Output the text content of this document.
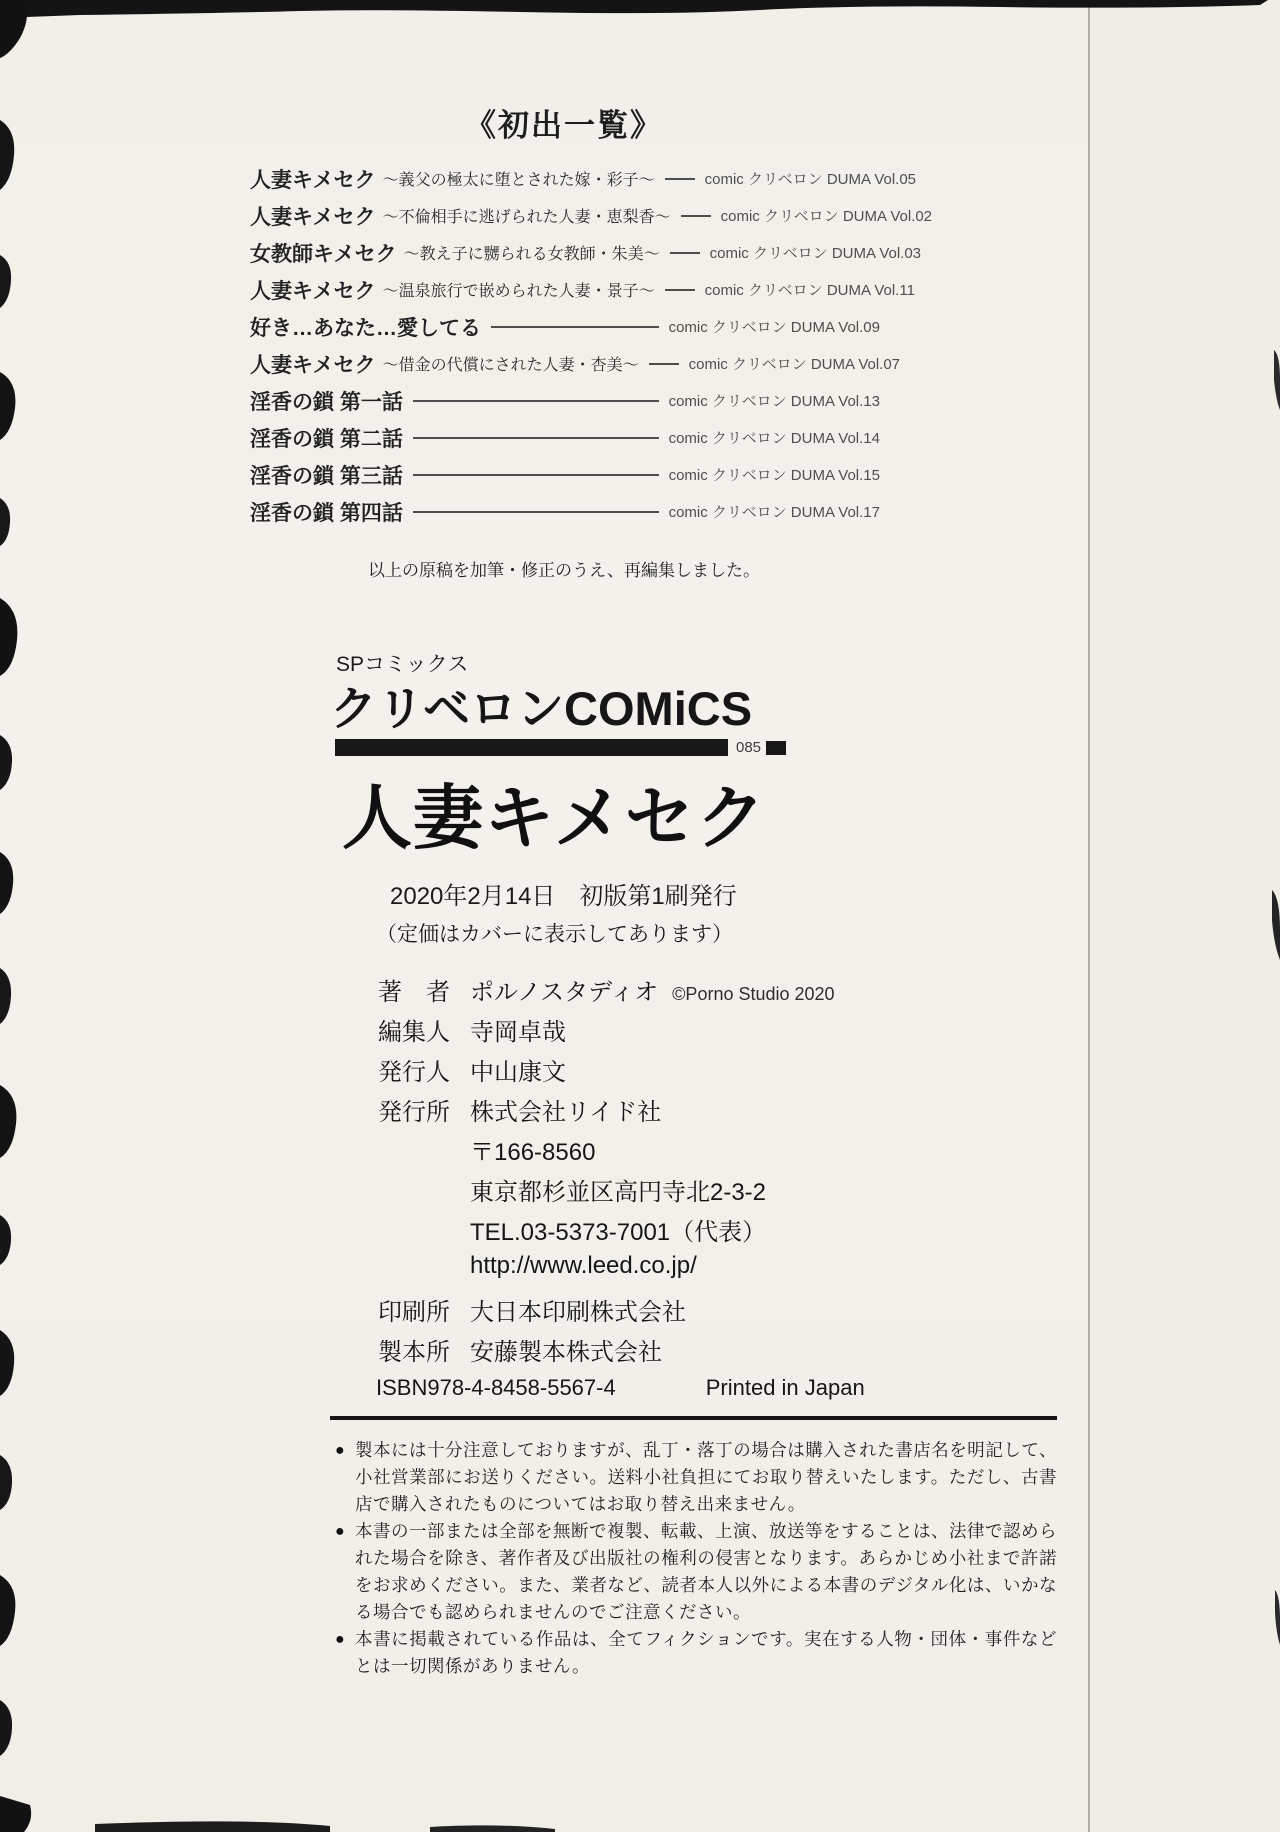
《初出一覧》
人妻キメセク ～義父の極太に堕とされた嫁・彩子～	comic クリベロン DUMA Vol.05
人妻キメセク ～不倫相手に逃げられた人妻・恵梨香～	comic クリベロン DUMA Vol.02
女教師キメセク ～教え子に嬲られる女教師・朱美～	comic クリベロン DUMA Vol.03
人妻キメセク ～温泉旅行で嵌められた人妻・景子～	comic クリベロン DUMA Vol.11
好き…あなた…愛してる	comic クリベロン DUMA Vol.09
人妻キメセク ～借金の代償にされた人妻・杏美～	comic クリベロン DUMA Vol.07
淫香の鎖 第一話	comic クリベロン DUMA Vol.13
淫香の鎖 第二話	comic クリベロン DUMA Vol.14
淫香の鎖 第三話	comic クリベロン DUMA Vol.15
淫香の鎖 第四話	comic クリベロン DUMA Vol.17
以上の原稿を加筆・修正のうえ、再編集しました。
SPコミックス
クリベロンCOMiCS
085
人妻キメセク
2020年2月14日　初版第1刷発行
（定価はカバーに表示してあります）
著　者 ポルノスタディオ ©Porno Studio 2020
編集人 寺岡卓哉
発行人 中山康文
発行所 株式会社リイド社
〒166-8560
東京都杉並区高円寺北2-3-2
TEL.03-5373-7001（代表）
http://www.leed.co.jp/
印刷所 大日本印刷株式会社
製本所 安藤製本株式会社
ISBN978-4-8458-5567-4	Printed in Japan
● 製本には十分注意しておりますが、乱丁・落丁の場合は購入された書店名を明記して、小社営業部にお送りください。送料小社負担にてお取り替えいたします。ただし、古書店で購入されたものについてはお取り替え出来ません。

● 本書の一部または全部を無断で複製、転載、上演、放送等をすることは、法律で認められた場合を除き、著作者及び出版社の権利の侵害となります。あらかじめ小社まで許諾をお求めください。また、業者など、読者本人以外による本書のデジタル化は、いかなる場合でも認められませんのでご注意ください。

● 本書に掲載されている作品は、全てフィクションです。実在する人物・団体・事件などとは一切関係がありません。
